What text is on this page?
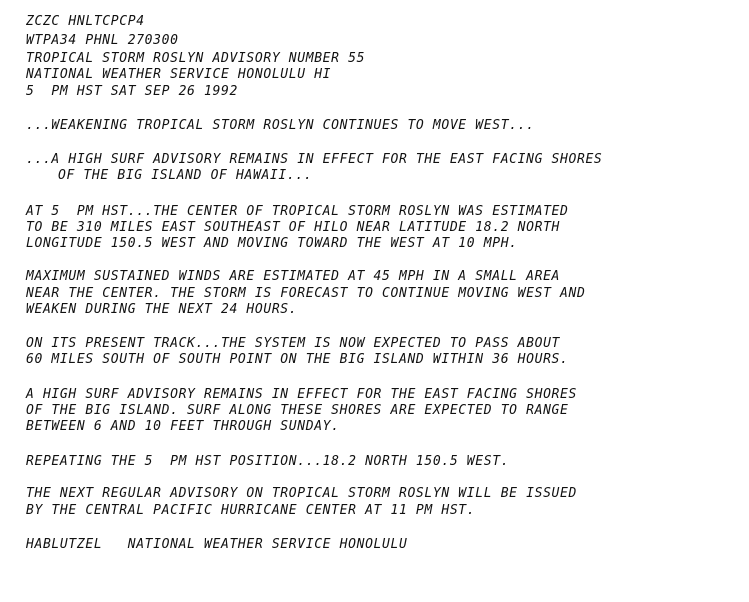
ZCZC HNLTCPCP4
WTPA34 PHNL 270300
TROPICAL STORM ROSLYN ADVISORY NUMBER 55
NATIONAL WEATHER SERVICE HONOLULU HI
5  PM HST SAT SEP 26 1992
...WEAKENING TROPICAL STORM ROSLYN CONTINUES TO MOVE WEST...
...A HIGH SURF ADVISORY REMAINS IN EFFECT FOR THE EAST FACING SHORES
OF THE BIG ISLAND OF HAWAII...
AT 5  PM HST...THE CENTER OF TROPICAL STORM ROSLYN WAS ESTIMATED
TO BE 310 MILES EAST SOUTHEAST OF HILO NEAR LATITUDE 18.2 NORTH
LONGITUDE 150.5 WEST AND MOVING TOWARD THE WEST AT 10 MPH.
MAXIMUM SUSTAINED WINDS ARE ESTIMATED AT 45 MPH IN A SMALL AREA
NEAR THE CENTER. THE STORM IS FORECAST TO CONTINUE MOVING WEST AND
WEAKEN DURING THE NEXT 24 HOURS.
ON ITS PRESENT TRACK...THE SYSTEM IS NOW EXPECTED TO PASS ABOUT
60 MILES SOUTH OF SOUTH POINT ON THE BIG ISLAND WITHIN 36 HOURS.
A HIGH SURF ADVISORY REMAINS IN EFFECT FOR THE EAST FACING SHORES
OF THE BIG ISLAND. SURF ALONG THESE SHORES ARE EXPECTED TO RANGE
BETWEEN 6 AND 10 FEET THROUGH SUNDAY.
REPEATING THE 5  PM HST POSITION...18.2 NORTH 150.5 WEST.
THE NEXT REGULAR ADVISORY ON TROPICAL STORM ROSLYN WILL BE ISSUED
BY THE CENTRAL PACIFIC HURRICANE CENTER AT 11 PM HST.
HABLUTZEL   NATIONAL WEATHER SERVICE HONOLULU
